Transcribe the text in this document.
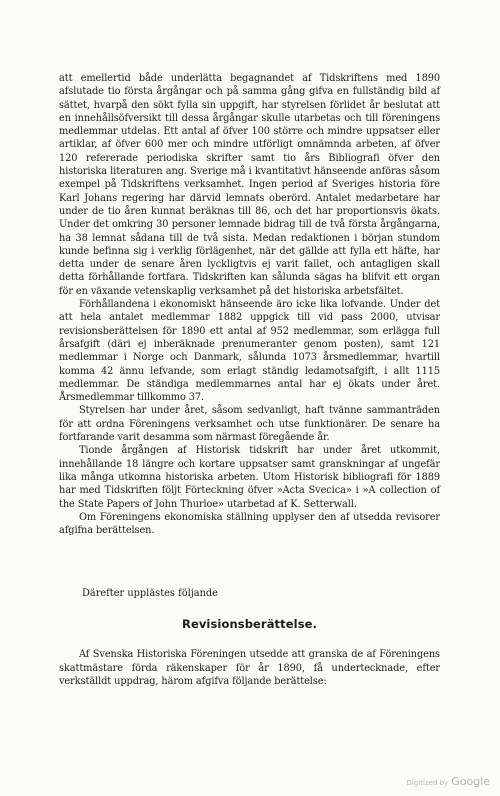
att emellertid både underlätta begagnandet af Tidskriftens med 1890 afslutade tio första årgångar och på samma gång gifva en fullständig bild af sättet, hvarpå den sökt fylla sin uppgift, har styrelsen förlidet år beslutat att en innehållsöfversikt till dessa årgångar skulle utarbetas och till föreningens medlemmar utdelas. Ett antal af öfver 100 större och mindre uppsatser eller artiklar, af öfver 600 mer och mindre utförligt omnämnda arbeten, af öfver 120 refererade periodiska skrifter samt tio års Bibliografi öfver den historiska literaturen ang. Sverige må i kvantitativt hänseende anföras såsom exempel på Tidskriftens verksamhet. Ingen period af Sveriges historia före Karl Johans regering har därvid lemnats oberörd. Antalet medarbetare har under de tio åren kunnat beräknas till 86, och det har proportionsvis ökats. Under det omkring 30 personer lemnade bidrag till de två första årgångarna, ha 38 lemnat sådana till de två sista. Medan redaktionen i början stundom kunde befinna sig i verklig förlägenhet, när det gällde att fylla ett häfte, har detta under de senare åren lyckligtvis ej varit fallet, och antagligen skall detta förhållande fortfara. Tidskriften kan sålunda sägas ha blifvit ett organ för en växande vetenskaplig verksamhet på det historiska arbetsfältet.

Förhållandena i ekonomiskt hänseende äro icke lika lofvande. Under det att hela antalet medlemmar 1882 uppgick till vid pass 2000, utvisar revisionsberättelsen för 1890 ett antal af 952 medlemmar, som erlägga full årsafgift (däri ej inberäknade prenumeranter genom posten), samt 121 medlemmar i Norge och Danmark, sålunda 1073 årsmedlemmar, hvartill komma 42 ännu lefvande, som erlagt ständig ledamotsafgift, i allt 1115 medlemmar. De ständiga medlemmarnes antal har ej ökats under året. Årsmedlemmar tillkommo 37.

Styrelsen har under året, såsom sedvanligt, haft tvänne sammanträden för att ordna Föreningens verksamhet och utse funktionärer. De senare ha fortfarande varit desamma som närmast föregående år.

Tionde årgången af Historisk tidskrift har under året utkommit, innehållande 18 längre och kortare uppsatser samt granskningar af ungefär lika många utkomna historiska arbeten. Utom Historisk bibliografi för 1889 har med Tidskriften följt Förteckning öfver »Acta Svecica» i »A collection of the State Papers of John Thurloe» utarbetad af K. Setterwall.

Om Föreningens ekonomiska ställning upplyser den af utsedda revisorer afgifna berättelsen.

Därefter upplästes följande

Revisionsberättelse.

Af Svenska Historiska Föreningen utsedde att granska de af Föreningens skattmästare förda räkenskaper för år 1890, få undertecknade, efter verkställdt uppdrag, härom afgifva följande berättelse:

Digitized by Google
